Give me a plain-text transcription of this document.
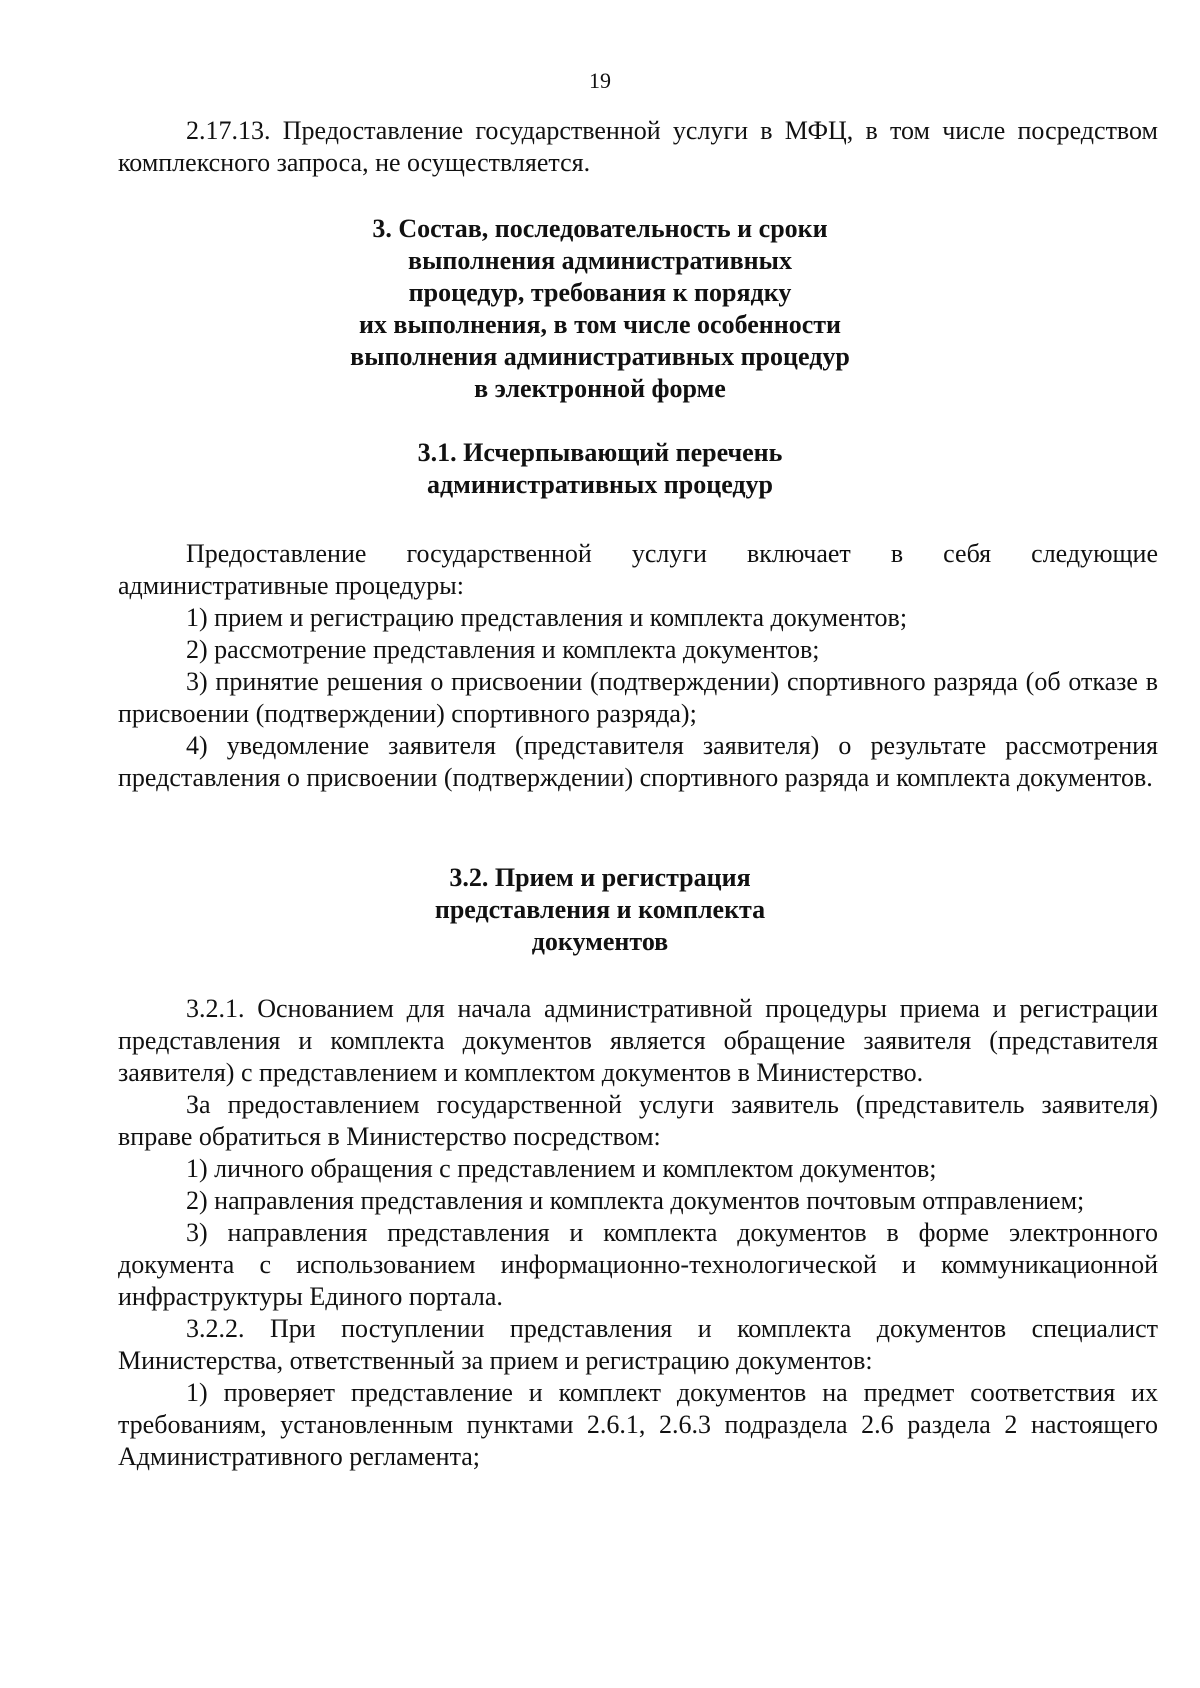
19

2.17.13. Предоставление государственной услуги в МФЦ, в том числе посредством комплексного запроса, не осуществляется.

3. Состав, последовательность и сроки
выполнения административных
процедур, требования к порядку
их выполнения, в том числе особенности
выполнения административных процедур
в электронной форме
3.1. Исчерпывающий перечень
административных процедур

Предоставление государственной услуги включает в себя следующие административные процедуры:

1) прием и регистрацию представления и комплекта документов;

2) рассмотрение представления и комплекта документов;

3) принятие решения о присвоении (подтверждении) спортивного разряда (об отказе в присвоении (подтверждении) спортивного разряда);

4) уведомление заявителя (представителя заявителя) о результате рассмотрения представления о присвоении (подтверждении) спортивного разряда и комплекта документов.

3.2. Прием и регистрация
представления и комплекта
документов

3.2.1. Основанием для начала административной процедуры приема и регистрации представления и комплекта документов является обращение заявителя (представителя заявителя) с представлением и комплектом документов в Министерство.

За предоставлением государственной услуги заявитель (представитель заявителя) вправе обратиться в Министерство посредством:

1) личного обращения с представлением и комплектом документов;

2) направления представления и комплекта документов почтовым отправлением;

3) направления представления и комплекта документов в форме электронного документа с использованием информационно-технологической и коммуникационной инфраструктуры Единого портала.

3.2.2. При поступлении представления и комплекта документов специалист Министерства, ответственный за прием и регистрацию документов:

1) проверяет представление и комплект документов на предмет соответствия их требованиям, установленным пунктами 2.6.1, 2.6.3 подраздела 2.6 раздела 2 настоящего Административного регламента;
